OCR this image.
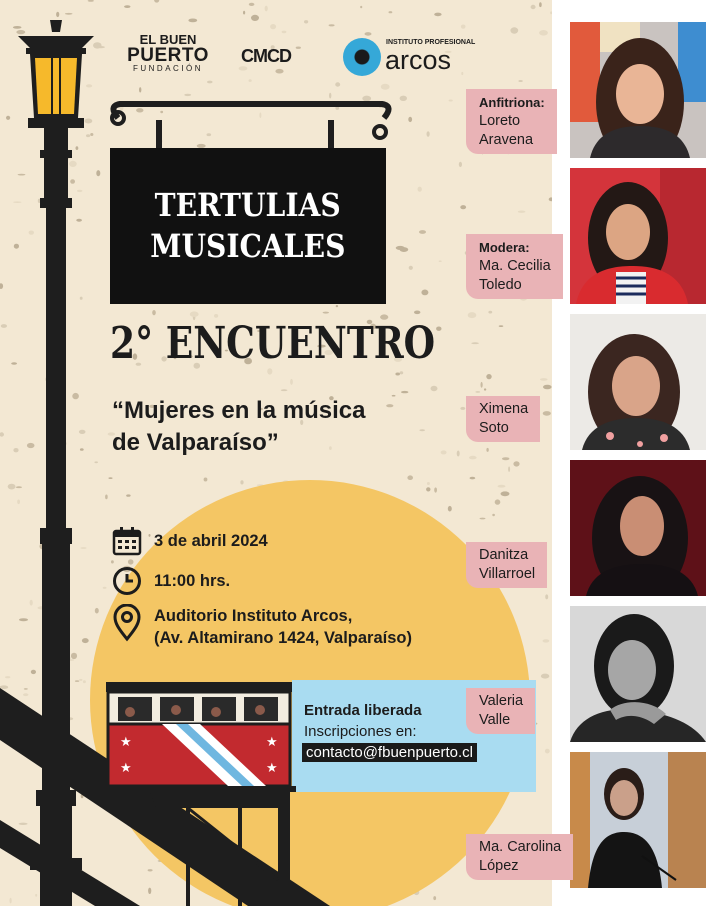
EL BUEN
PUERTO
FUNDACIÓN
CMCD
INSTITUTO PROFESIONAL
arcos
TERTULIAS
MUSICALES
2° ENCUENTRO
“Mujeres en la música
de Valparaíso”
3 de abril 2024
11:00 hrs.
Auditorio Instituto Arcos,
(Av. Altamirano 1424, Valparaíso)
Entrada liberada
Inscripciones en:
contacto@fbuenpuerto.cl
★
★
★
★
Anfitriona:
Loreto
Aravena
Modera:
Ma. Cecilia
Toledo
Ximena
Soto
Danitza
Villarroel
Valeria
Valle
Ma. Carolina
López
